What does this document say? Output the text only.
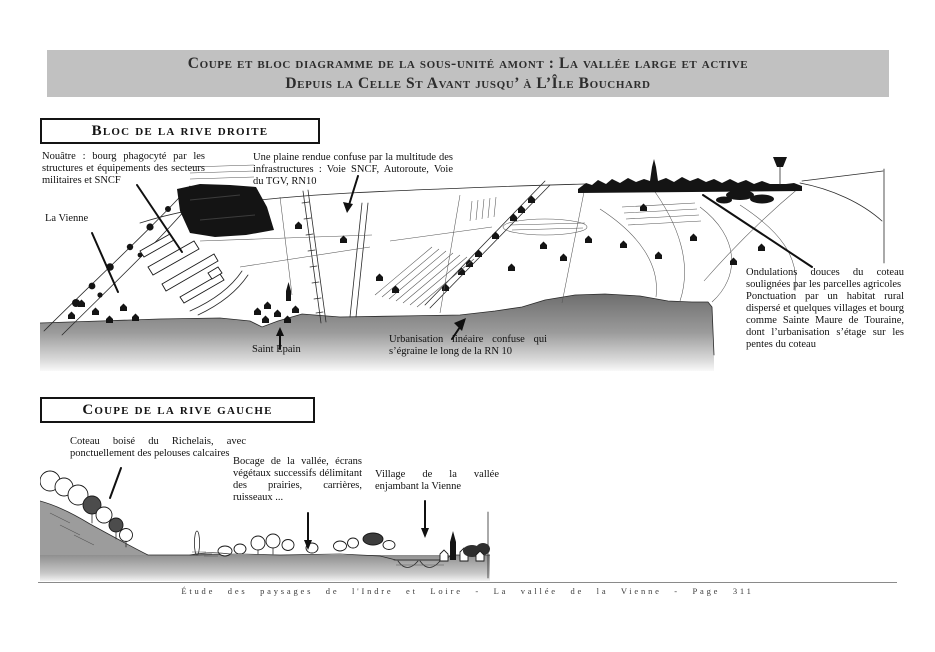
Coupe et bloc diagramme de la sous-unité amont : La vallée large et active
Depuis la Celle St Avant jusqu’ à L’Île Bouchard
Bloc de la rive droite
Nouâtre : bourg phagocyté par les structures et équipements des secteurs militaires et SNCF
La Vienne
Une plaine rendue confuse par la multitude des infrastructures : Voie SNCF, Autoroute, Voie du TGV, RN10
Saint Epain
Urbanisation linéaire confuse qui s’égraine le long de la RN 10

Ondulations douces du coteau soulignées par les parcelles agricoles

Ponctuation par un habitat rural dispersé et quelques villages et bourg comme Sainte Maure de Touraine, dont l’urbanisation s’étage sur les pentes du coteau

Coupe de la rive gauche
Coteau boisé du Richelais, avec ponctuellement des pelouses calcaires
Bocage de la vallée, écrans végétaux successifs délimitant des prairies, carrières, ruisseaux ...
Village de la vallée enjambant la Vienne
Étude des paysages de l'Indre et Loire - La vallée de la Vienne - Page 311
